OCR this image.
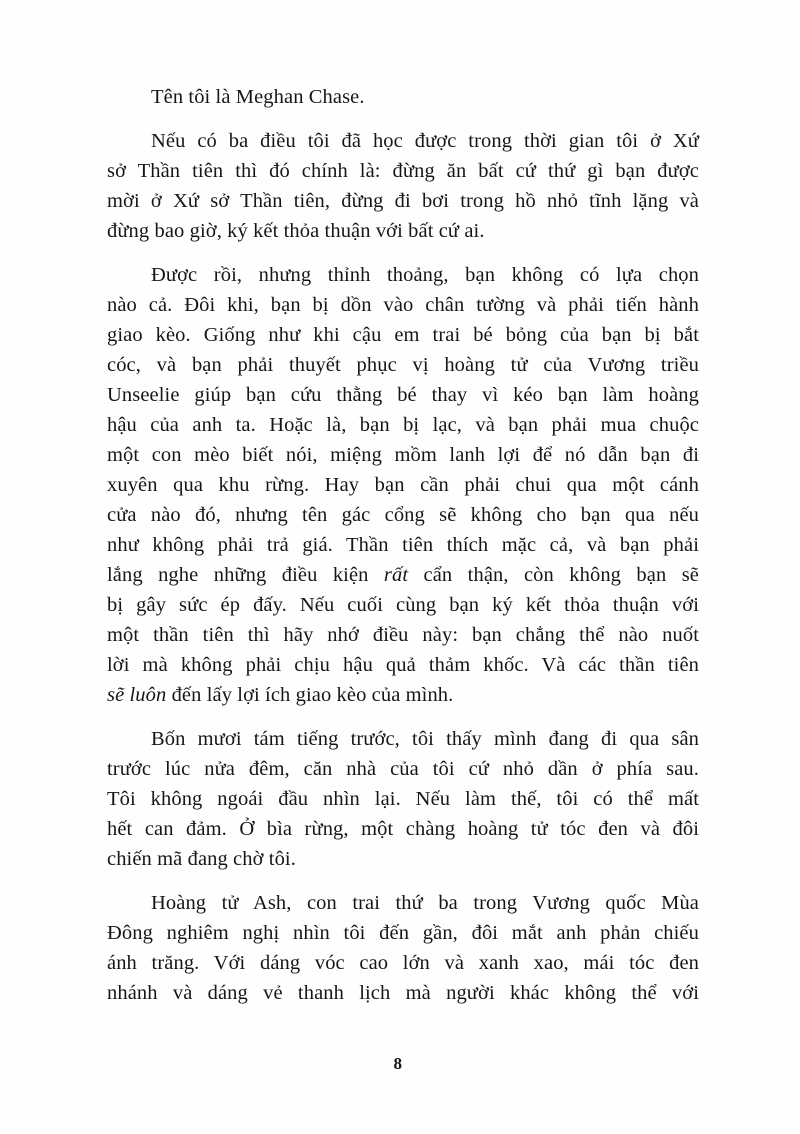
Tên tôi là Meghan Chase.
Nếu có ba điều tôi đã học được trong thời gian tôi ở Xứ
sở Thần tiên thì đó chính là: đừng ăn bất cứ thứ gì bạn được
mời ở Xứ sở Thần tiên, đừng đi bơi trong hồ nhỏ tĩnh lặng và
đừng bao giờ, ký kết thỏa thuận với bất cứ ai.
Được rồi, nhưng thỉnh thoảng, bạn không có lựa chọn
nào cả. Đôi khi, bạn bị dồn vào chân tường và phải tiến hành
giao kèo. Giống như khi cậu em trai bé bỏng của bạn bị bắt
cóc, và bạn phải thuyết phục vị hoàng tử của Vương triều
Unseelie giúp bạn cứu thằng bé thay vì kéo bạn làm hoàng
hậu của anh ta. Hoặc là, bạn bị lạc, và bạn phải mua chuộc
một con mèo biết nói, miệng mồm lanh lợi để nó dẫn bạn đi
xuyên qua khu rừng. Hay bạn cần phải chui qua một cánh
cửa nào đó, nhưng tên gác cổng sẽ không cho bạn qua nếu
như không phải trả giá. Thần tiên thích mặc cả, và bạn phải
lắng nghe những điều kiện rất cẩn thận, còn không bạn sẽ
bị gây sức ép đấy. Nếu cuối cùng bạn ký kết thỏa thuận với
một thần tiên thì hãy nhớ điều này: bạn chẳng thể nào nuốt
lời mà không phải chịu hậu quả thảm khốc. Và các thần tiên
sẽ luôn đến lấy lợi ích giao kèo của mình.
Bốn mươi tám tiếng trước, tôi thấy mình đang đi qua sân
trước lúc nửa đêm, căn nhà của tôi cứ nhỏ dần ở phía sau.
Tôi không ngoái đầu nhìn lại. Nếu làm thế, tôi có thể mất
hết can đảm. Ở bìa rừng, một chàng hoàng tử tóc đen và đôi
chiến mã đang chờ tôi.
Hoàng tử Ash, con trai thứ ba trong Vương quốc Mùa
Đông nghiêm nghị nhìn tôi đến gần, đôi mắt anh phản chiếu
ánh trăng. Với dáng vóc cao lớn và xanh xao, mái tóc đen
nhánh và dáng vẻ thanh lịch mà người khác không thể với
8
